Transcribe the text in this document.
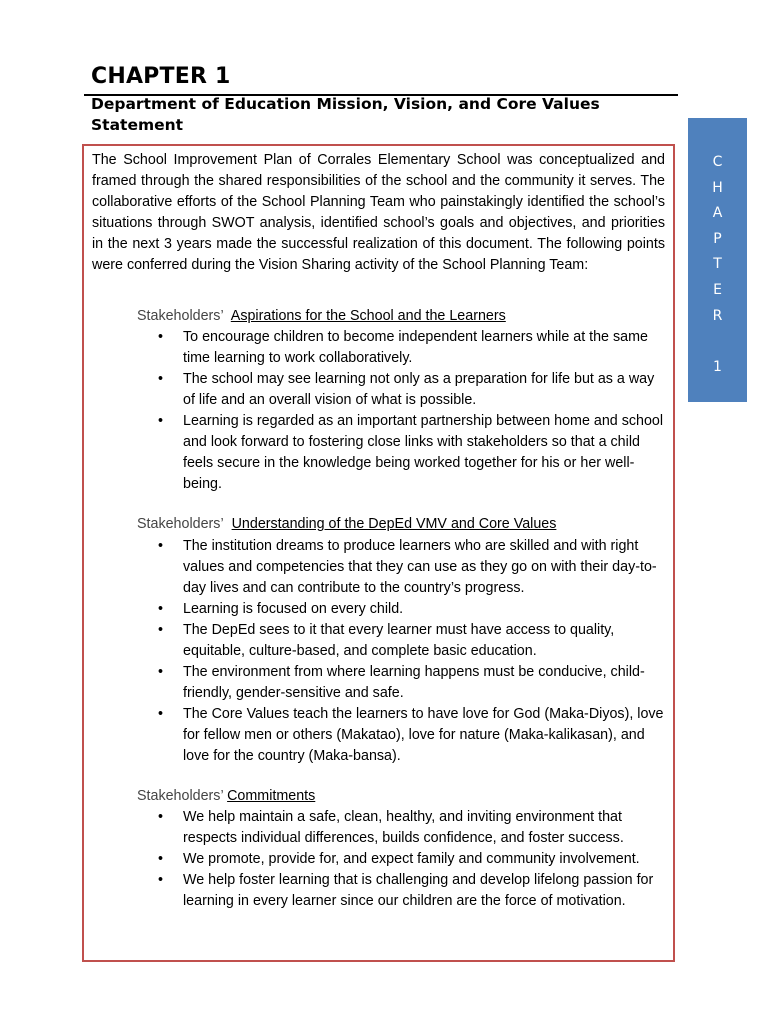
CHAPTER 1
Department of Education Mission, Vision, and Core Values Statement
C
H
A
P
T
E
R
1

The School Improvement Plan of Corrales Elementary School was conceptualized and framed through the shared responsibilities of the school and the community it serves. The collaborative efforts of the School Planning Team who painstakingly identified the school’s situations through SWOT analysis, identified school’s goals and objectives, and priorities in the next 3 years made the successful realization of this document. The following points were conferred during the Vision Sharing activity of the School Planning Team:

Stakeholders’ Aspirations for the School and the Learners

• To encourage children to become independent learners while at the same time learning to work collaboratively.
• The school may see learning not only as a preparation for life but as a way of life and an overall vision of what is possible.
• Learning is regarded as an important partnership between home and school and look forward to fostering close links with stakeholders so that a child feels secure in the knowledge being worked together for his or her well-being.

Stakeholders’ Understanding of the DepEd VMV and Core Values

• The institution dreams to produce learners who are skilled and with right values and competencies that they can use as they go on with their day-to-day lives and can contribute to the country’s progress.
• Learning is focused on every child.
• The DepEd sees to it that every learner must have access to quality, equitable, culture-based, and complete basic education.
• The environment from where learning happens must be conducive, child-friendly, gender-sensitive and safe.
• The Core Values teach the learners to have love for God (Maka-Diyos), love for fellow men or others (Makatao), love for nature (Maka-kalikasan), and love for the country (Maka-bansa).

Stakeholders’ Commitments

• We help maintain a safe, clean, healthy, and inviting environment that respects individual differences, builds confidence, and foster success.
• We promote, provide for, and expect family and community involvement.
• We help foster learning that is challenging and develop lifelong passion for learning in every learner since our children are the force of motivation.
